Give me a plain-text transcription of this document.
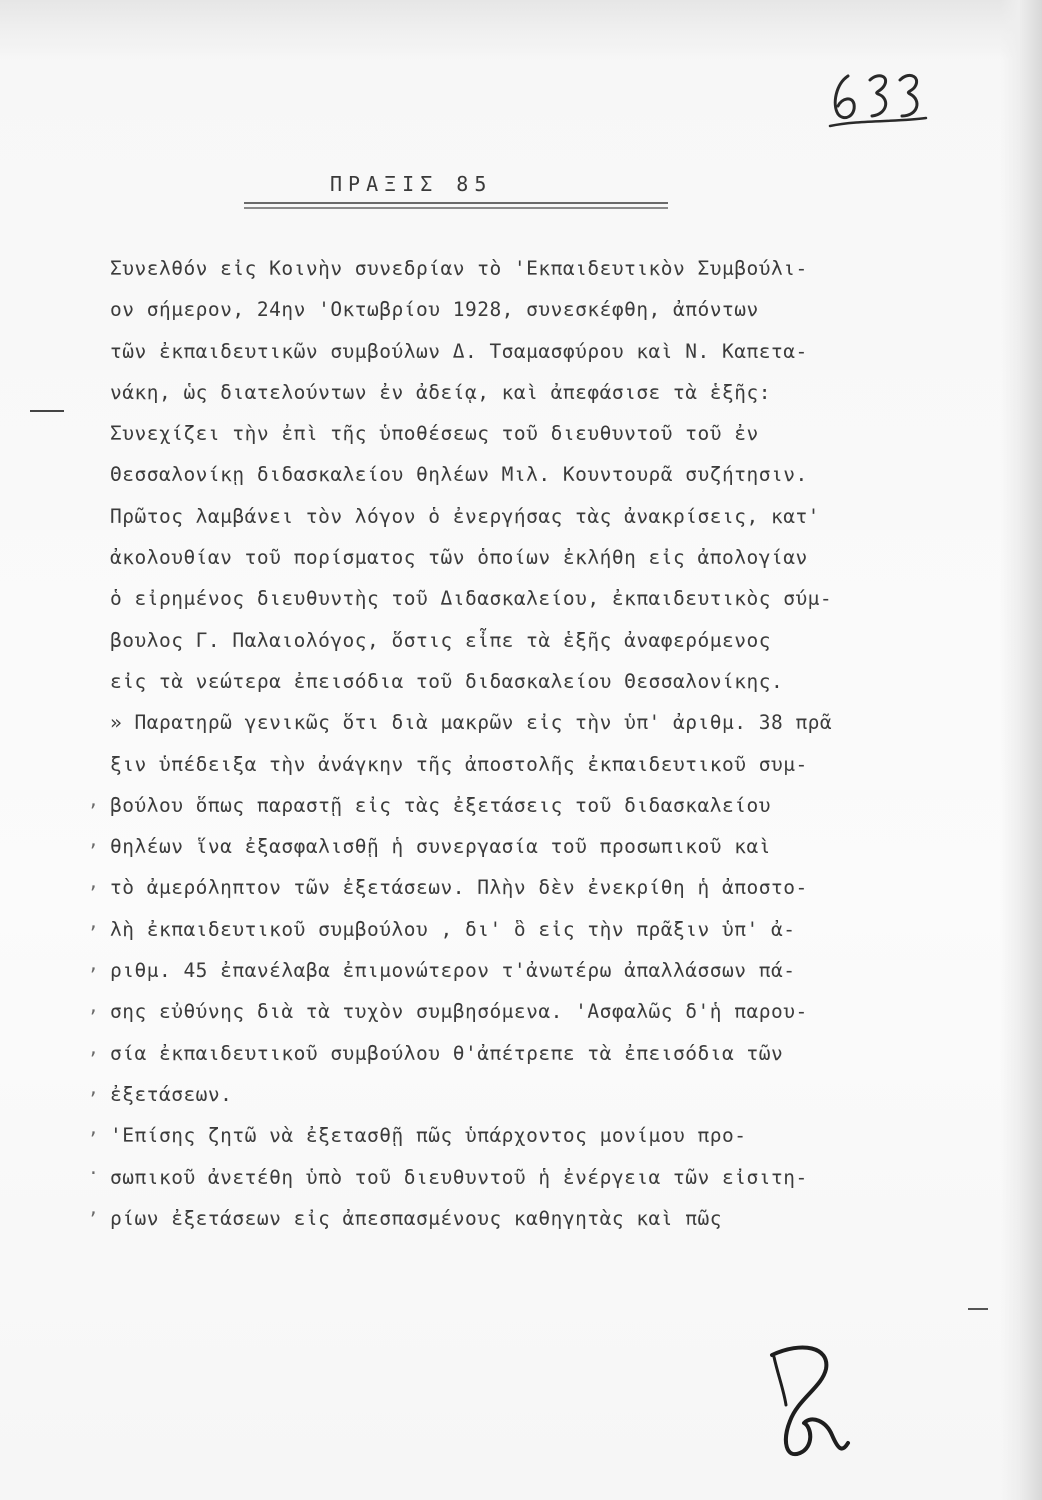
ΠΡΑΞΙΣ 85
Συνελθόν εἰς Κοινὴν συνεδρίαν τὸ 'Εκπαιδευτικὸν Συμβούλι-
ον σήμερον, 24ην 'Οκτωβρίου 1928, συνεσκέφθη, ἀπόντων
τῶν ἐκπαιδευτικῶν συμβούλων Δ. Τσαμασφύρου καὶ Ν. Καπετα-
νάκη, ὡς διατελούντων ἐν ἀδείᾳ, καὶ ἀπεφάσισε τὰ ἑξῆς:
Συνεχίζει τὴν ἐπὶ τῆς ὑποθέσεως τοῦ διευθυντοῦ τοῦ ἐν
Θεσσαλονίκῃ διδασκαλείου θηλέων Μιλ. Κουντουρᾶ συζήτησιν.
Πρῶτος λαμβάνει τὸν λόγον ὁ ἐνεργήσας τὰς ἀνακρίσεις, κατ'
ἀκολουθίαν τοῦ πορίσματος τῶν ὁποίων ἐκλήθη εἰς ἀπολογίαν
ὁ εἰρημένος διευθυντὴς τοῦ Διδασκαλείου, ἐκπαιδευτικὸς σύμ-
βουλος Γ. Παλαιολόγος, ὅστις εἶπε τὰ ἑξῆς ἀναφερόμενος
εἰς τὰ νεώτερα ἐπεισόδια τοῦ διδασκαλείου Θεσσαλονίκης.
» Παρατηρῶ γενικῶς ὅτι διὰ μακρῶν εἰς τὴν ὑπ' ἀριθμ. 38 πρᾶ
ξιν ὑπέδειξα τὴν ἀνάγκην τῆς ἀποστολῆς ἐκπαιδευτικοῦ συμ-
βούλου ὅπως παραστῇ εἰς τὰς ἐξετάσεις τοῦ διδασκαλείου
θηλέων ἵνα ἐξασφαλισθῇ ἡ συνεργασία τοῦ προσωπικοῦ καὶ
τὸ ἀμερόληπτον τῶν ἐξετάσεων. Πλὴν δὲν ἐνεκρίθη ἡ ἀποστο-
λὴ ἐκπαιδευτικοῦ συμβούλου , δι' ὃ εἰς τὴν πρᾶξιν ὑπ' ἀ-
ριθμ. 45 ἐπανέλαβα ἐπιμονώτερον τ'ἀνωτέρω ἀπαλλάσσων πά-
σης εὐθύνης διὰ τὰ τυχὸν συμβησόμενα. 'Ασφαλῶς δ'ἡ παρου-
σία ἐκπαιδευτικοῦ συμβούλου θ'ἀπέτρεπε τὰ ἐπεισόδια τῶν
ἐξετάσεων.
'Επίσης ζητῶ νὰ ἐξετασθῇ πῶς ὑπάρχοντος μονίμου προ-
σωπικοῦ ἀνετέθη ὑπὸ τοῦ διευθυντοῦ ἡ ἐνέργεια τῶν εἰσιτη-
ρίων ἐξετάσεων εἰς ἀπεσπασμένους καθηγητὰς καὶ πῶς
,
,
,
,
,
,
,
,
,
,
.
